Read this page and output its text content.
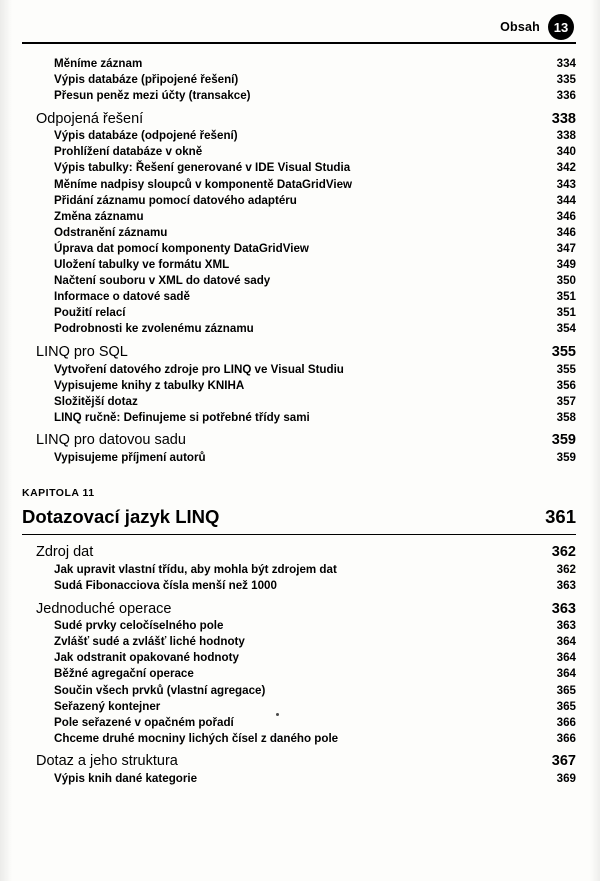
Obsah	13
Měníme záznam	334
Výpis databáze (připojené řešení)	335
Přesun peněz mezi účty (transakce)	336
Odpojená řešení	338
Výpis databáze (odpojené řešení)	338
Prohlížení databáze v okně	340
Výpis tabulky: Řešení generované v IDE Visual Studia	342
Měníme nadpisy sloupců v komponentě DataGridView	343
Přidání záznamu pomocí datového adaptéru	344
Změna záznamu	346
Odstranění záznamu	346
Úprava dat pomocí komponenty DataGridView	347
Uložení tabulky ve formátu XML	349
Načtení souboru v XML do datové sady	350
Informace o datové sadě	351
Použití relací	351
Podrobnosti ke zvolenému záznamu	354
LINQ pro SQL	355
Vytvoření datového zdroje pro LINQ ve Visual Studiu	355
Vypisujeme knihy z tabulky KNIHA	356
Složitější dotaz	357
LINQ ručně: Definujeme si potřebné třídy sami	358
LINQ pro datovou sadu	359
Vypisujeme příjmení autorů	359
KAPITOLA 11
Dotazovací jazyk LINQ	361
Zdroj dat	362
Jak upravit vlastní třídu, aby mohla být zdrojem dat	362
Sudá Fibonacciova čísla menší než 1000	363
Jednoduché operace	363
Sudé prvky celočíselného pole	363
Zvlášť sudé a zvlášť liché hodnoty	364
Jak odstranit opakované hodnoty	364
Běžné agregační operace	364
Součin všech prvků (vlastní agregace)	365
Seřazený kontejner	365
Pole seřazené v opačném pořadí	366
Chceme druhé mocniny lichých čísel z daného pole	366
Dotaz a jeho struktura	367
Výpis knih dané kategorie	369
